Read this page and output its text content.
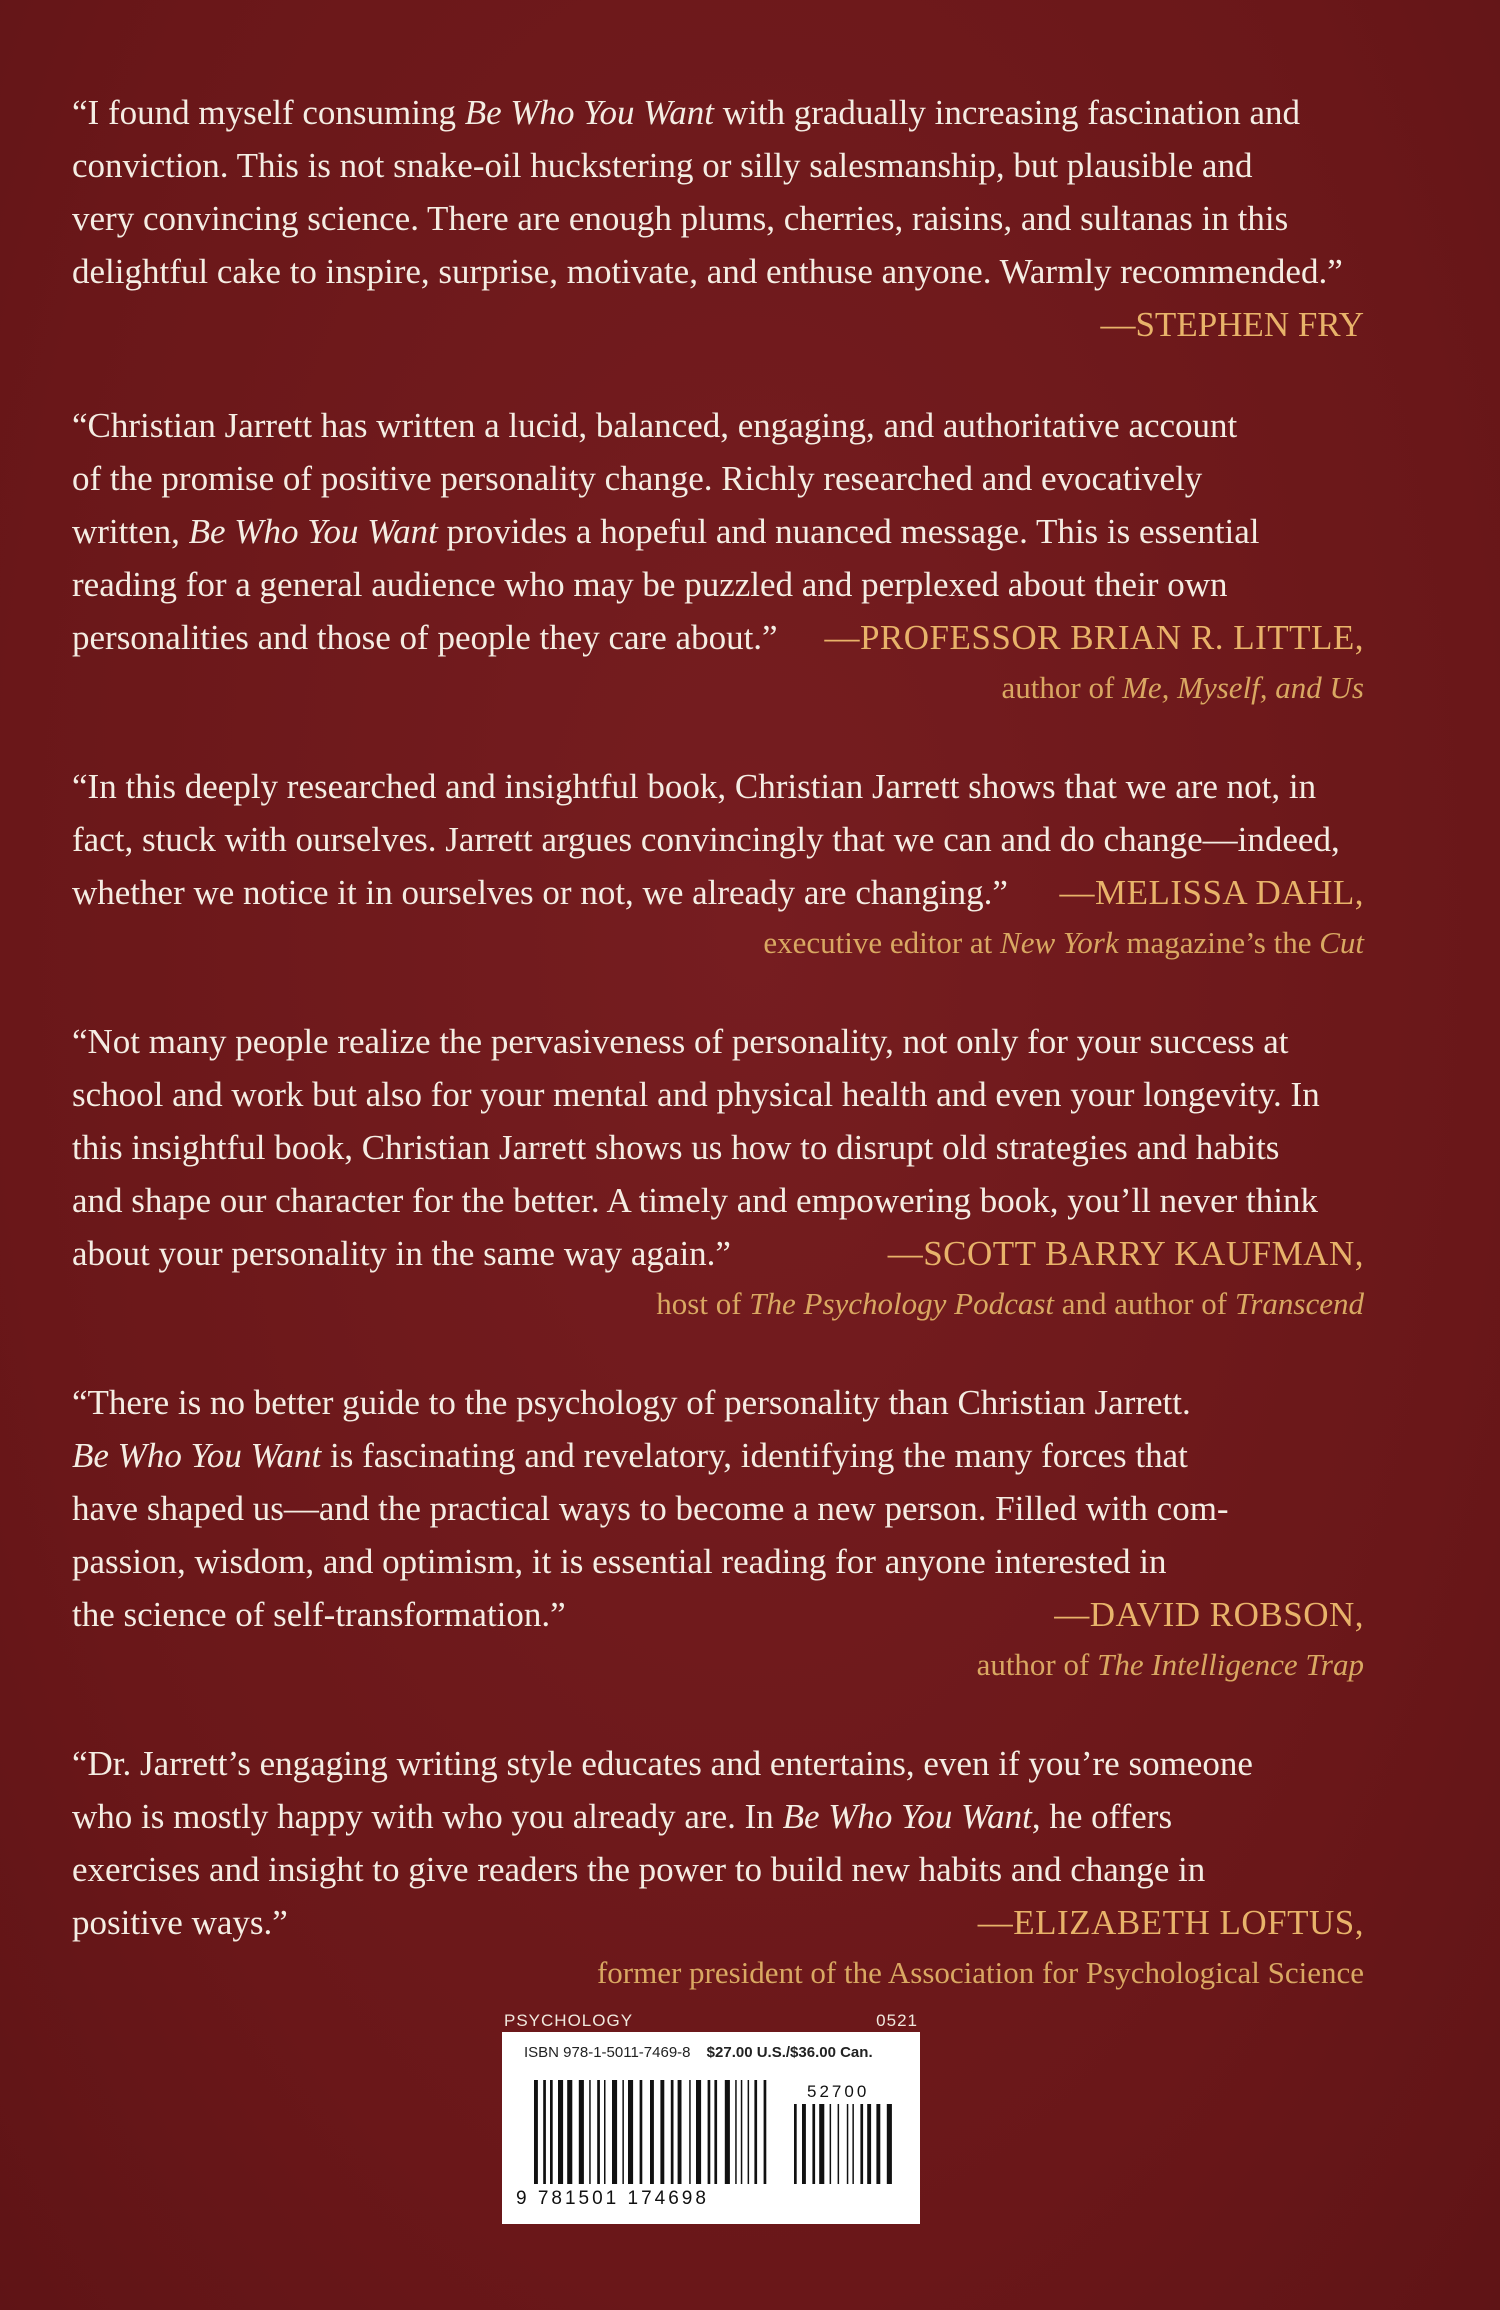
“I found myself consuming Be Who You Want with gradually increasing fascination and
conviction. This is not snake-oil huckstering or silly salesmanship, but plausible and
very convincing science. There are enough plums, cherries, raisins, and sultanas in this
delightful cake to inspire, surprise, motivate, and enthuse anyone. Warmly recommended.”
—STEPHEN FRY
“Christian Jarrett has written a lucid, balanced, engaging, and authoritative account
of the promise of positive personality change. Richly researched and evocatively
written, Be Who You Want provides a hopeful and nuanced message. This is essential
reading for a general audience who may be puzzled and perplexed about their own
personalities and those of people they care about.” —PROFESSOR BRIAN R. LITTLE,
author of Me, Myself, and Us
“In this deeply researched and insightful book, Christian Jarrett shows that we are not, in
fact, stuck with ourselves. Jarrett argues convincingly that we can and do change—indeed,
whether we notice it in ourselves or not, we already are changing.” —MELISSA DAHL,
executive editor at New York magazine’s the Cut
“Not many people realize the pervasiveness of personality, not only for your success at
school and work but also for your mental and physical health and even your longevity. In
this insightful book, Christian Jarrett shows us how to disrupt old strategies and habits
and shape our character for the better. A timely and empowering book, you’ll never think
about your personality in the same way again.”	—SCOTT BARRY KAUFMAN,
host of The Psychology Podcast and author of Transcend
“There is no better guide to the psychology of personality than Christian Jarrett.
Be Who You Want is fascinating and revelatory, identifying the many forces that
have shaped us—and the practical ways to become a new person. Filled with com-
passion, wisdom, and optimism, it is essential reading for anyone interested in
the science of self-transformation.”	—DAVID ROBSON,
author of The Intelligence Trap
“Dr. Jarrett’s engaging writing style educates and entertains, even if you’re someone
who is mostly happy with who you already are. In Be Who You Want, he offers
exercises and insight to give readers the power to build new habits and change in
positive ways.”	—ELIZABETH LOFTUS,
former president of the Association for Psychological Science
PSYCHOLOGY	0521
ISBN 978-1-5011-7469-8 $27.00 U.S./$36.00 Can.
52700
9 781501 174698
